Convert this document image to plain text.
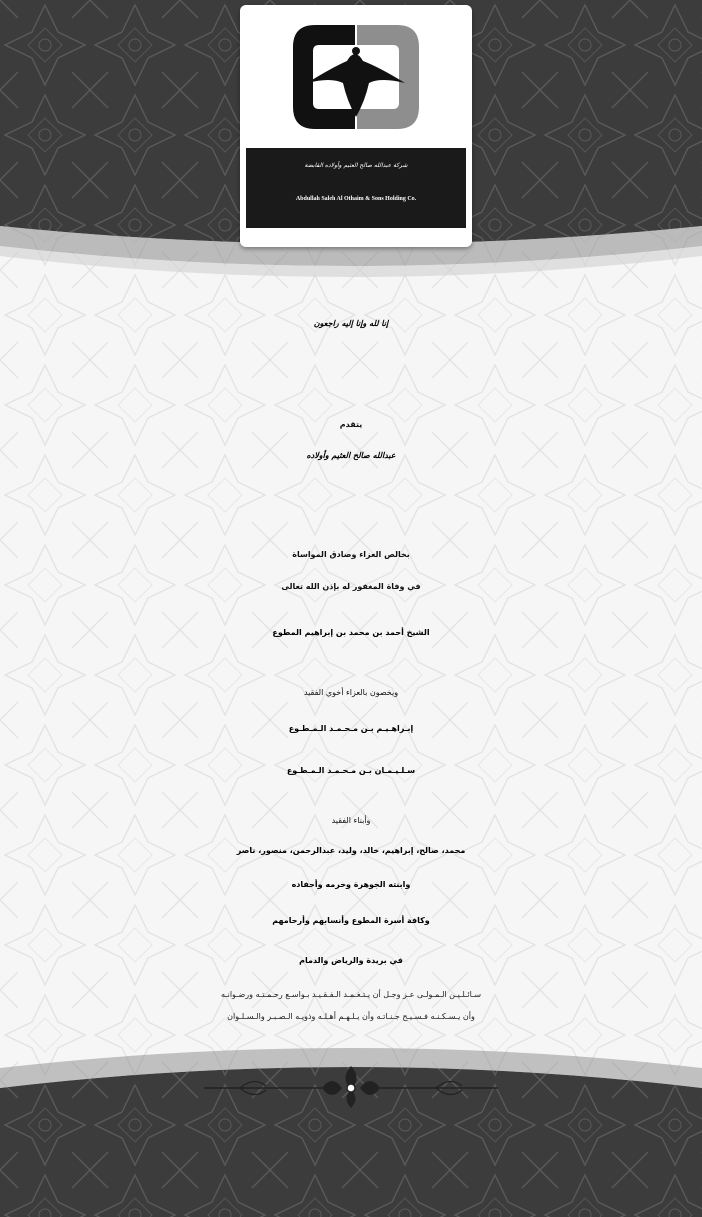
شركة عبدالله صالح العثيم وأولاده القابضة
Abdullah Saleh Al Othaim & Sons Holding Co.
إنا لله وإنا إليه راجعون
يتقدم
عبدالله صالح العثيم وأولاده
بخالص العزاء وصادق المواساة
في وفاة المغفور له بإذن الله تعالى
الشيخ أحمد بن محمد بن إبراهيم المطوع
ويخصون بالعزاء أخوي الفقيد
إبـراهـيـم بـن مـحـمـد الـمـطـوع
سـلـيـمـان بـن مـحـمـد الـمـطـوع
وأبناء الفقيد
محمد، صالح، إبراهيم، خالد، وليد، عبدالرحمن، منصور، ناصر
وابنته الجوهرة وحرمه وأحفاده
وكافة أسرة المطوع وأنسابهم وأرحامهم
في بريدة والرياض والدمام
سـائـلـيـن الـمـولـى عـز وجـل أن يـتـغـمـد الـفـقـيـد بـواسـع رحـمـتـه ورضـوانـه
وأن يـسـكـنـه فـسـيـح جـنـاتـه وأن يـلـهـم أهـلـه وذويـه الـصـبـر والـسـلـوان
